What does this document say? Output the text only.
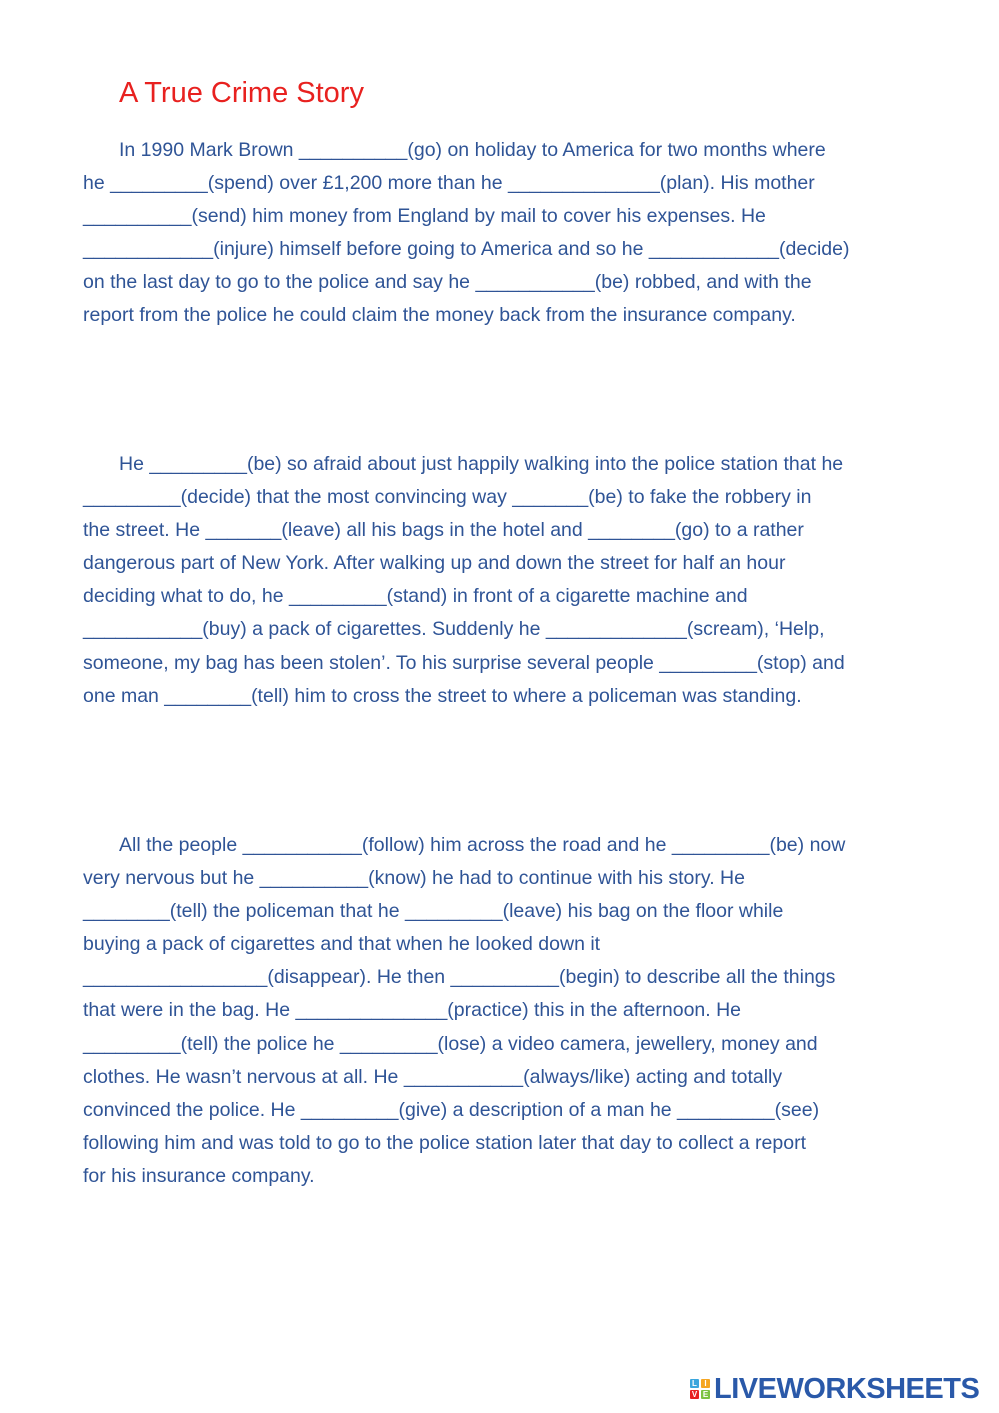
A True Crime Story
In 1990 Mark Brown __________(go) on holiday to America for two months where
he _________(spend) over £1,200 more than he ______________(plan). His mother
__________(send) him money from England by mail to cover his expenses. He
____________(injure) himself before going to America and so he ____________(decide)
on the last day to go to the police and say he ___________(be) robbed, and with the
report from the police he could claim the money back from the insurance company.
He _________(be) so afraid about just happily walking into the police station that he
_________(decide) that the most convincing way _______(be) to fake the robbery in
the street. He _______(leave) all his bags in the hotel and ________(go) to a rather
dangerous part of New York. After walking up and down the street for half an hour
deciding what to do, he _________(stand) in front of a cigarette machine and
___________(buy) a pack of cigarettes. Suddenly he _____________(scream), ‘Help,
someone, my bag has been stolen’. To his surprise several people _________(stop) and
one man ________(tell) him to cross the street to where a policeman was standing.
All the people ___________(follow) him across the road and he _________(be) now
very nervous but he __________(know) he had to continue with his story. He
________(tell) the policeman that he _________(leave) his bag on the floor while
buying a pack of cigarettes and that when he looked down it
_________________(disappear). He then __________(begin) to describe all the things
that were in the bag. He ______________(practice) this in the afternoon. He
_________(tell) the police he _________(lose) a video camera, jewellery, money and
clothes. He wasn’t nervous at all. He ___________(always/like) acting and totally
convinced the police. He _________(give) a description of a man he _________(see)
following him and was told to go to the police station later that day to collect a report
for his insurance company.
L I
V E LIVEWORKSHEETS
